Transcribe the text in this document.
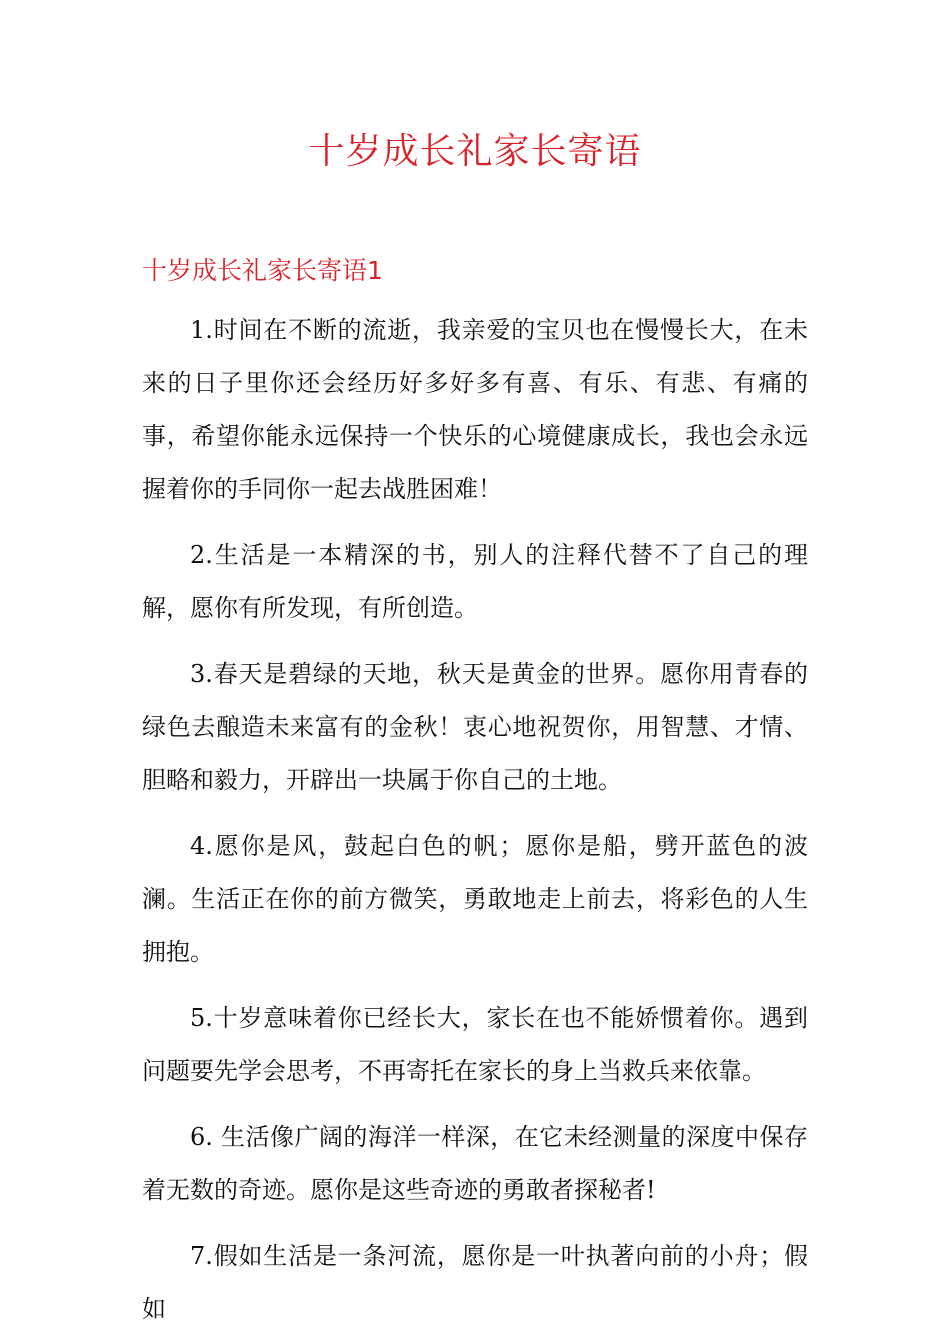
十岁成长礼家长寄语
十岁成长礼家长寄语1

1.时间在不断的流逝，我亲爱的宝贝也在慢慢长大，在未来的日子里你还会经历好多好多有喜、有乐、有悲、有痛的事，希望你能永远保持一个快乐的心境健康成长，我也会永远握着你的手同你一起去战胜困难！

2.生活是一本精深的书，别人的注释代替不了自己的理解，愿你有所发现，有所创造。

3.春天是碧绿的天地，秋天是黄金的世界。愿你用青春的绿色去酿造未来富有的金秋！衷心地祝贺你，用智慧、才情、胆略和毅力，开辟出一块属于你自己的土地。

4.愿你是风，鼓起白色的帆；愿你是船，劈开蓝色的波澜。生活正在你的前方微笑，勇敢地走上前去，将彩色的人生拥抱。

5.十岁意味着你已经长大，家长在也不能娇惯着你。遇到问题要先学会思考，不再寄托在家长的身上当救兵来依靠。

6. 生活像广阔的海洋一样深，在它未经测量的深度中保存着无数的奇迹。愿你是这些奇迹的勇敢者探秘者!

7.假如生活是一条河流，愿你是一叶执著向前的小舟；假如
